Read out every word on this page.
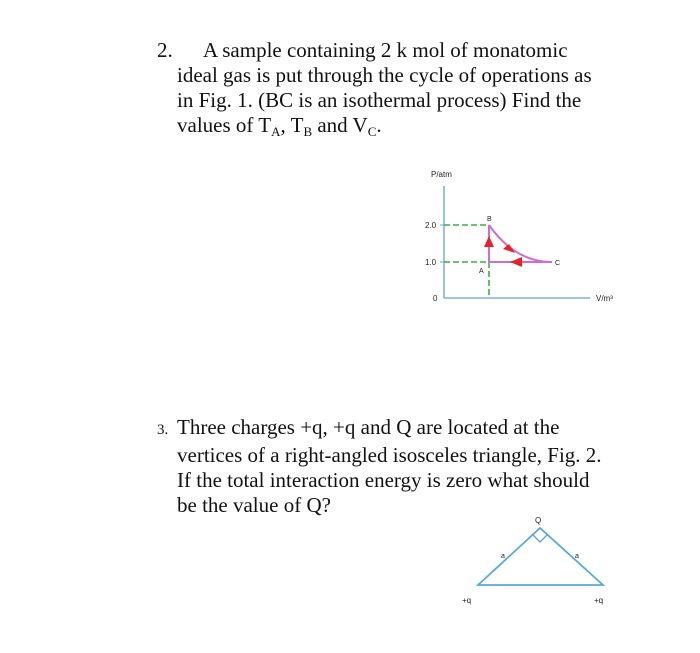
2. A sample containing 2 k mol of monatomic
ideal gas is put through the cycle of operations as
in Fig. 1. (BC is an isothermal process) Find the
values of $T_A$, $T_B$ and $V_C$.
P/atm
V/m³
2.0
1.0
0
A
B
C
3. Three charges +q, +q and Q are located at the
vertices of a right-angled isosceles triangle, Fig. 2.
If the total interaction energy is zero what should
be the value of Q?
Q
a	a
+q	+q
